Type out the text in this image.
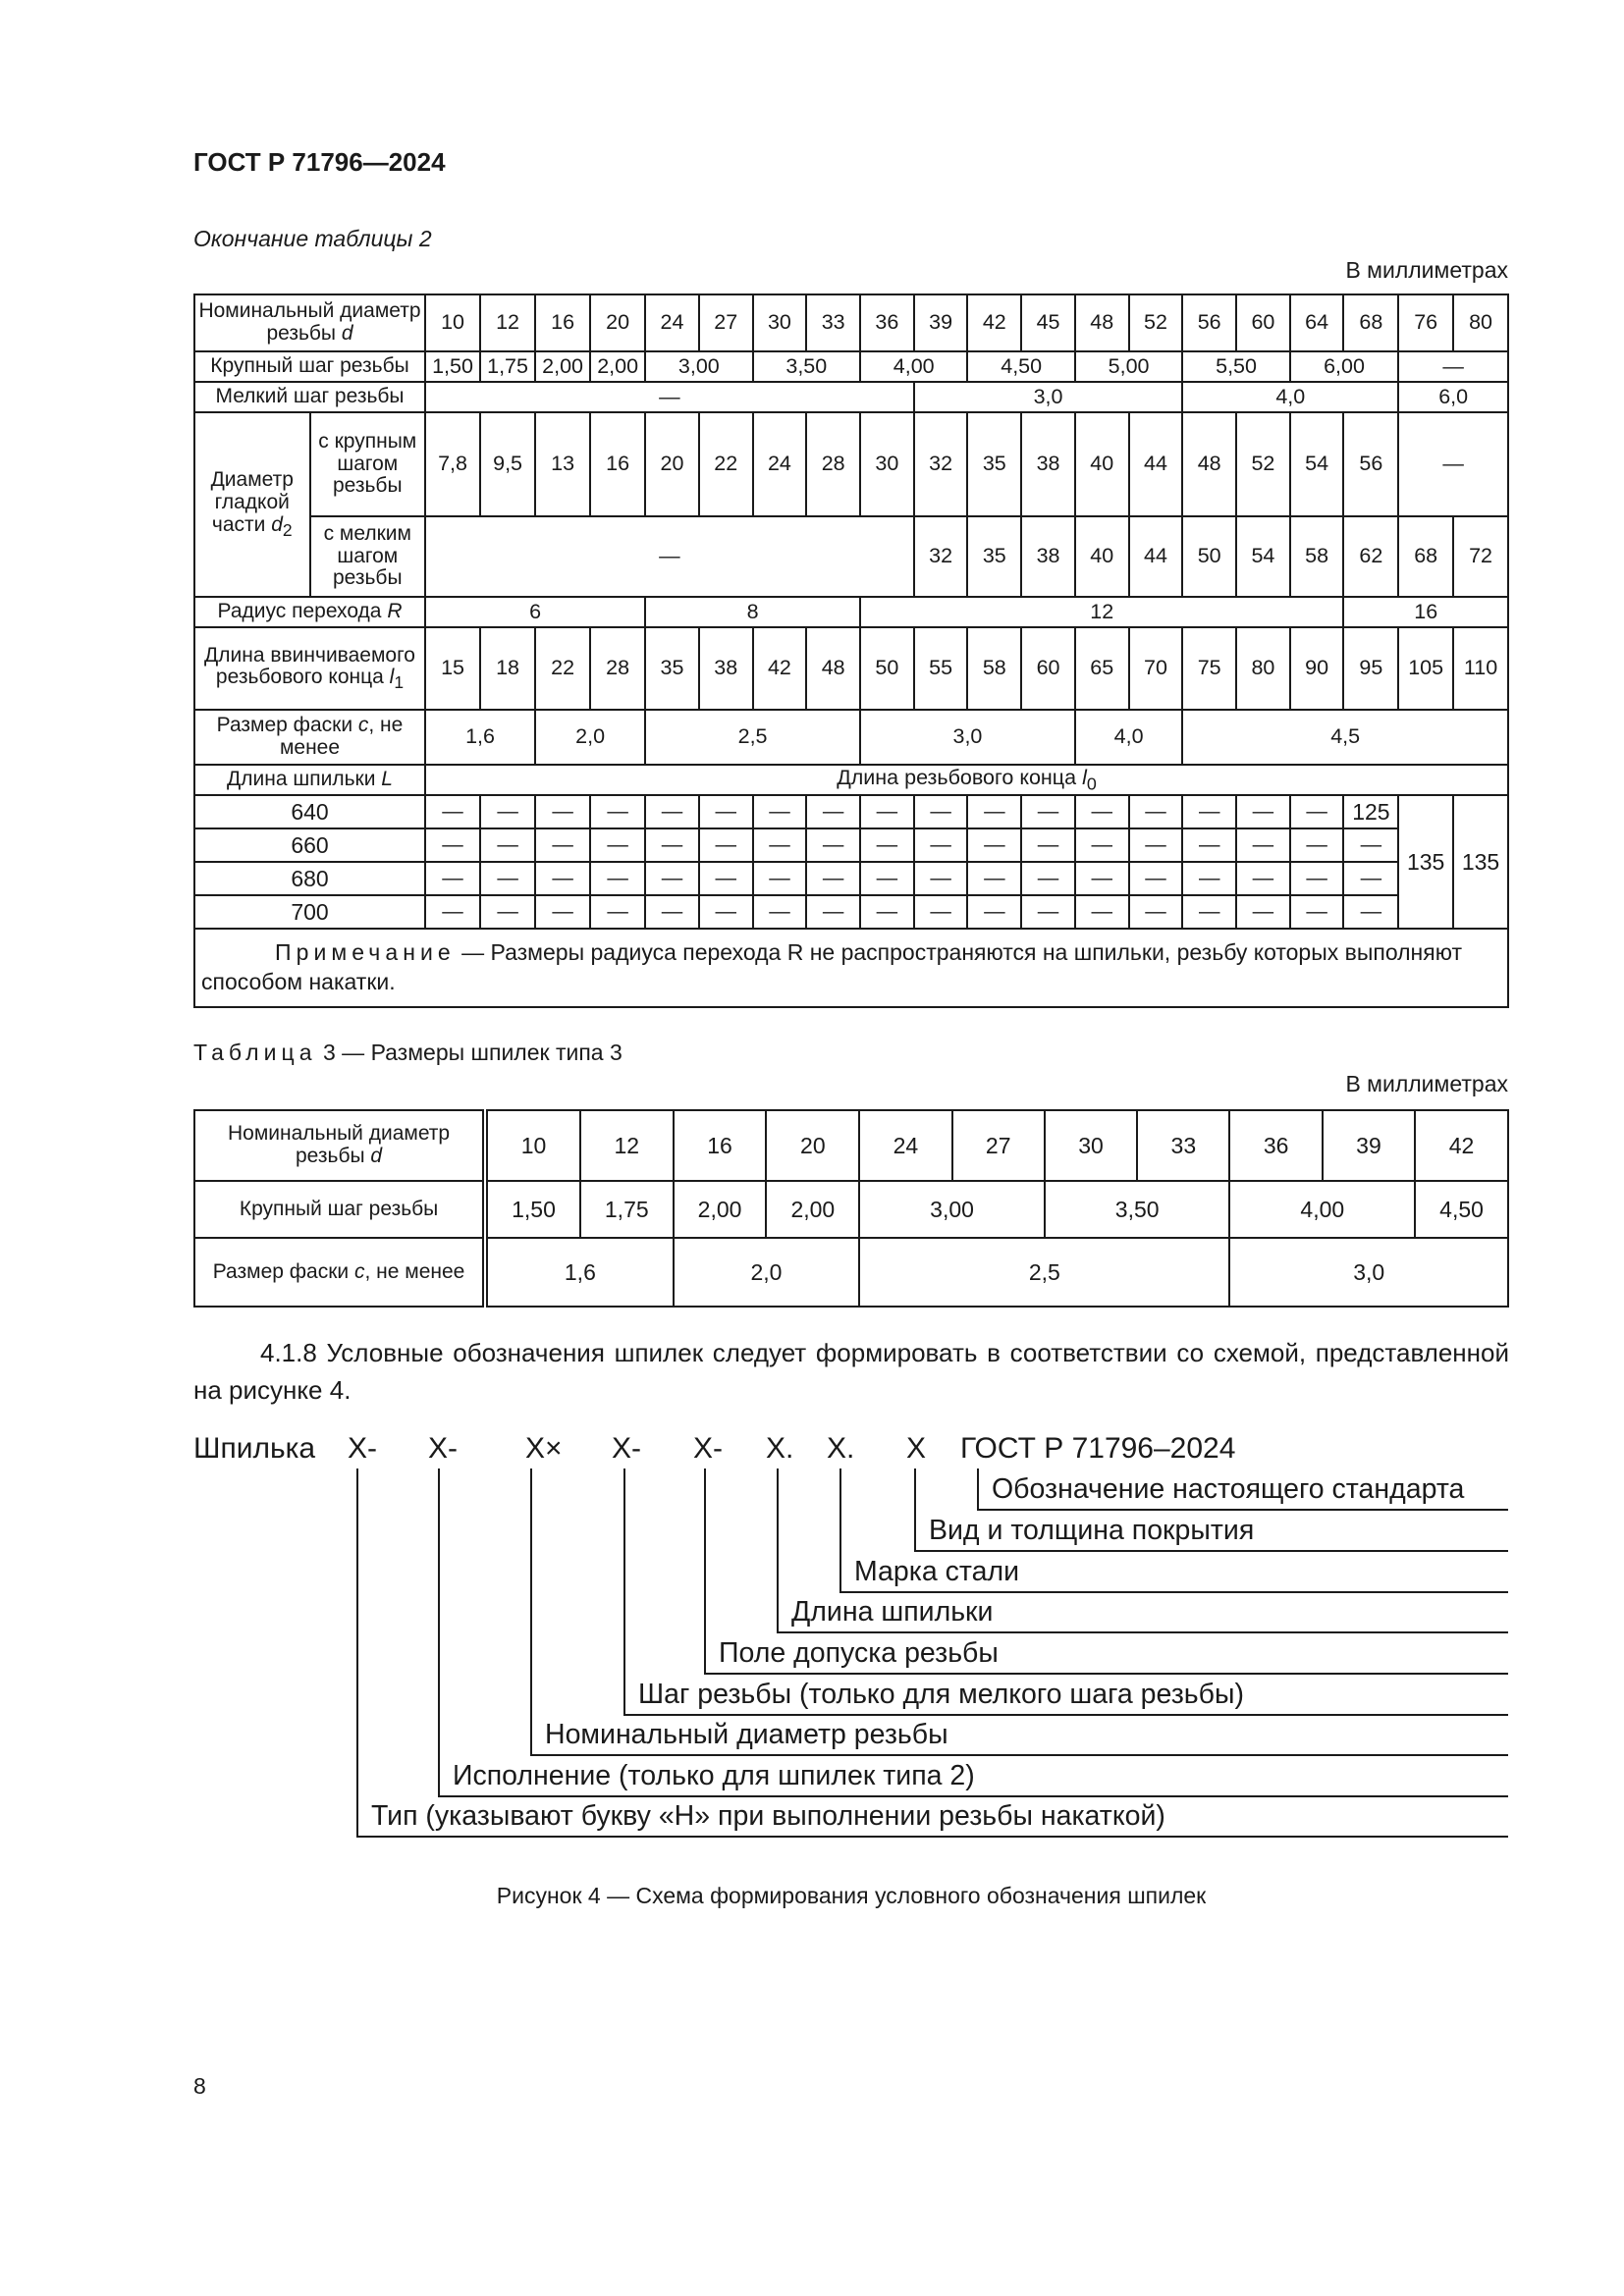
ГОСТ Р 71796—2024
Окончание таблицы 2
В миллиметрах
Номинальный диаметр резьбы d		10	12	16	20	24	27	30	33	36	39	42	45	48	52	56	60	64	68	76	80
Крупный шаг резьбы		1,50	1,75	2,00	2,00	3,00		3,50		4,00		4,50		5,00		5,50		6,00		—	
Мелкий шаг резьбы		—									3,0					4,0				6,0	
Диаметр гладкой части $d_2$	с крупным шагом резьбы	7,8	9,5	13	16	20	22	24	28	30	32	35	38	40	44	48	52	54	56	—	
	с мелким шагом резьбы	—									32	35	38	40	44	50	54	58	62	68	72
Радиус перехода R		6				8				12									16		
Длина ввинчиваемого резьбового конца $l_1$		15	18	22	28	35	38	42	48	50	55	58	60	65	70	75	80	90	95	105	110
Размер фаски c, не менее		1,6		2,0		2,5				3,0				4,0		4,5					
Длина шпильки L		Длина резьбового конца $l_0$
640		—	—	—	—	—	—	—	—	—	—	—	—	—	—	—	—	—	125	135	135
660		—	—	—	—	—	—	—	—	—	—	—	—	—	—	—	—	—	—		
680		—	—	—	—	—	—	—	—	—	—	—	—	—	—	—	—	—	—		
700		—	—	—	—	—	—	—	—	—	—	—	—	—	—	—	—	—	—		
Примечание — Размеры радиуса перехода R не распространяются на шпильки, резьбу которых выполняют способом накатки.																					
Таблица 3 — Размеры шпилек типа 3
В миллиметрах
Номинальный диаметр резьбы d	10	12	16	20	24	27	30	33	36	39	42
Крупный шаг резьбы	1,50	1,75	2,00	2,00	3,00		3,50		4,00		4,50
Размер фаски c, не менее	1,6		2,0		2,5				3,0		
4.1.8 Условные обозначения шпилек следует формировать в соответствии со схемой, представленной на рисунке 4.
Шпилька X- X- X× X- X- X. X. X ГОСТ Р 71796–2024
Обозначение настоящего стандарта
Вид и толщина покрытия
Марка стали
Длина шпильки
Поле допуска резьбы
Шаг резьбы (только для мелкого шага резьбы)
Номинальный диаметр резьбы
Исполнение (только для шпилек типа 2)
Тип (указывают букву «Н» при выполнении резьбы накаткой)
Рисунок 4 — Схема формирования условного обозначения шпилек
8
